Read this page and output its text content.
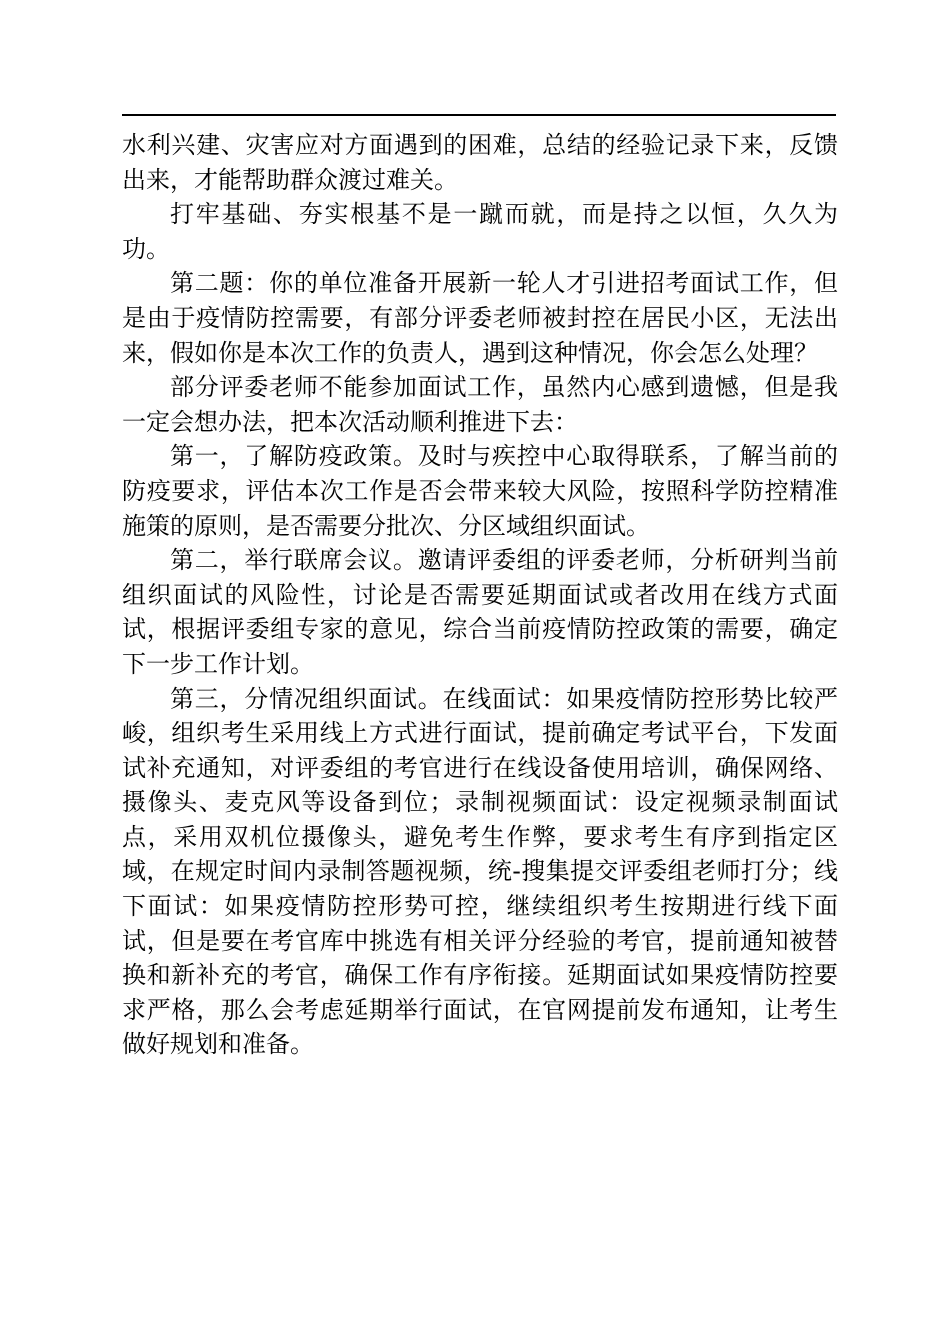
水利兴建、灾害应对方面遇到的困难，总结的经验记录下来，反馈出来，才能帮助群众渡过难关。

打牢基础、夯实根基不是一蹴而就，而是持之以恒，久久为功。

第二题：你的单位准备开展新一轮人才引进招考面试工作，但是由于疫情防控需要，有部分评委老师被封控在居民小区，无法出来，假如你是本次工作的负责人，遇到这种情况，你会怎么处理？

部分评委老师不能参加面试工作，虽然内心感到遗憾，但是我一定会想办法，把本次活动顺利推进下去：

第一，了解防疫政策。及时与疾控中心取得联系，了解当前的防疫要求，评估本次工作是否会带来较大风险，按照科学防控精准施策的原则，是否需要分批次、分区域组织面试。

第二，举行联席会议。邀请评委组的评委老师，分析研判当前组织面试的风险性，讨论是否需要延期面试或者改用在线方式面试，根据评委组专家的意见，综合当前疫情防控政策的需要，确定下一步工作计划。

第三，分情况组织面试。在线面试：如果疫情防控形势比较严峻，组织考生采用线上方式进行面试，提前确定考试平台，下发面试补充通知，对评委组的考官进行在线设备使用培训，确保网络、摄像头、麦克风等设备到位；录制视频面试：设定视频录制面试点，采用双机位摄像头，避免考生作弊，要求考生有序到指定区域，在规定时间内录制答题视频，统-搜集提交评委组老师打分；线下面试：如果疫情防控形势可控，继续组织考生按期进行线下面试，但是要在考官库中挑选有相关评分经验的考官，提前通知被替换和新补充的考官，确保工作有序衔接。延期面试如果疫情防控要求严格，那么会考虑延期举行面试，在官网提前发布通知，让考生做好规划和准备。
